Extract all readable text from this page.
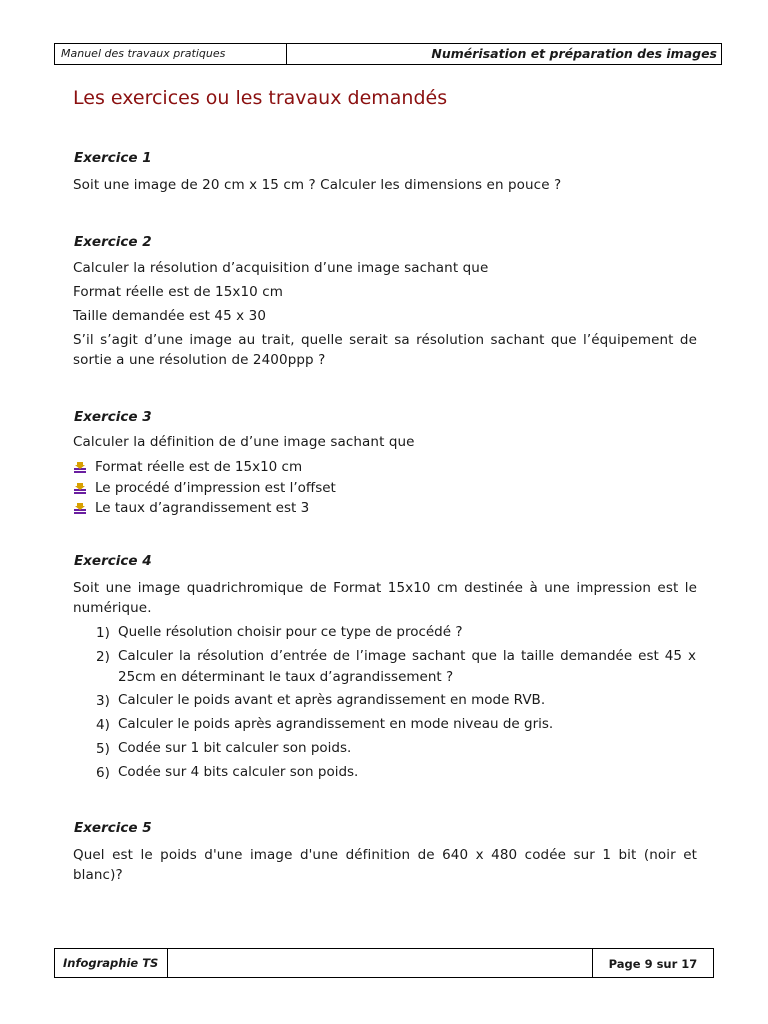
Manuel des travaux pratiques	Numérisation et préparation des images
Les exercices ou les travaux demandés

Exercice 1

Soit une image de 20 cm x 15 cm ? Calculer les dimensions en pouce ?

Exercice 2

Calculer la résolution d’acquisition d’une image sachant que

Format réelle est de 15x10 cm

Taille demandée est 45 x 30

S’il s’agit d’une image au trait, quelle serait sa résolution sachant que l’équipement de sortie a une résolution de 2400ppp ?

Exercice 3

Calculer la définition de d’une image sachant que

Format réelle est de 15x10 cm
Le procédé d’impression est l’offset
Le taux d’agrandissement est 3

Exercice 4

Soit une image quadrichromique de Format 15x10 cm destinée à une impression est le numérique.

1) Quelle résolution choisir pour ce type de procédé ?
2) Calculer la résolution d’entrée de l’image sachant que la taille demandée est 45 x 25cm en déterminant le taux d’agrandissement ?
3) Calculer le poids avant et après agrandissement en mode RVB.
4) Calculer le poids après agrandissement en mode niveau de gris.
5) Codée sur 1 bit calculer son poids.
6) Codée sur 4 bits calculer son poids.

Exercice 5

Quel est le poids d'une image d'une définition de 640 x 480 codée sur 1 bit (noir et blanc)?

Infographie TS	Page 9 sur 17
